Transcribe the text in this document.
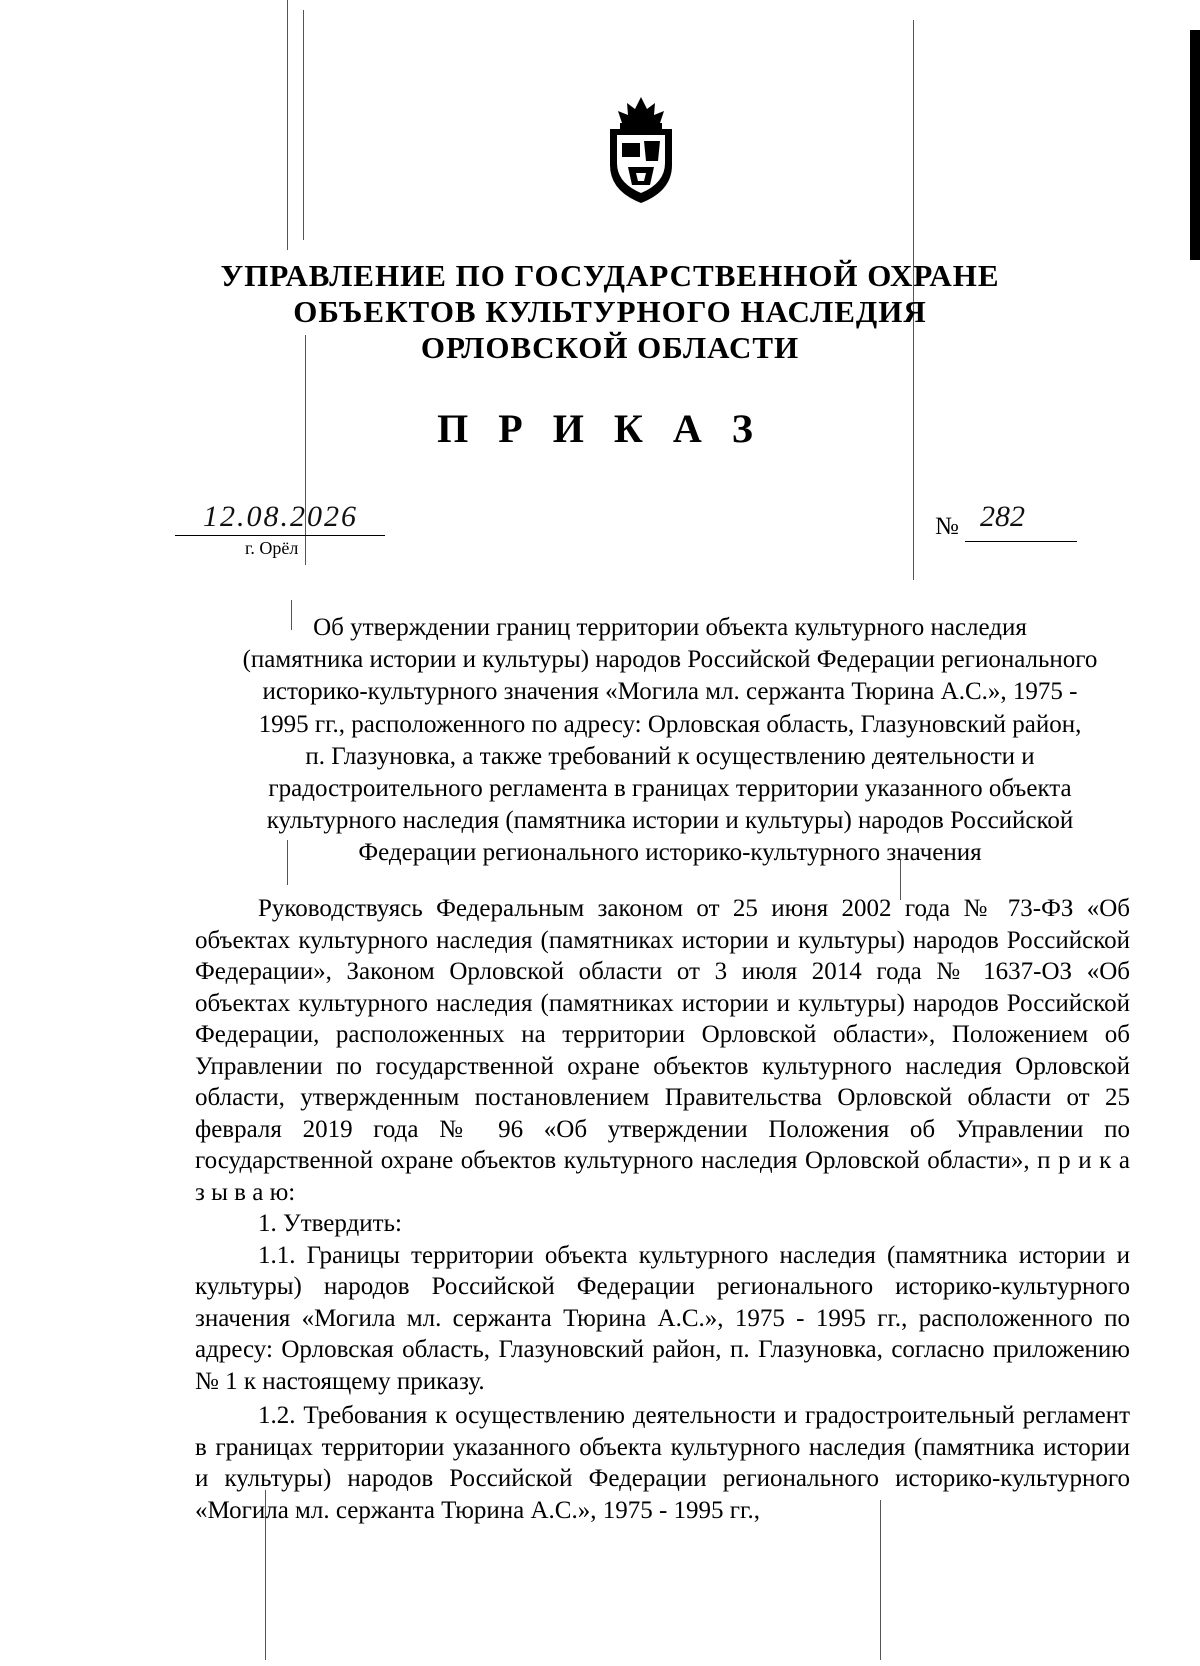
УПРАВЛЕНИЕ ПО ГОСУДАРСТВЕННОЙ ОХРАНЕ
ОБЪЕКТОВ КУЛЬТУРНОГО НАСЛЕДИЯ
ОРЛОВСКОЙ ОБЛАСТИ
П Р И К А З
12.08.2026
г. Орёл
№ 282
Об утверждении границ территории объекта культурного наследия
(памятника истории и культуры) народов Российской Федерации регионального
историко-культурного значения «Могила мл. сержанта Тюрина А.С.», 1975 -
1995 гг., расположенного по адресу: Орловская область, Глазуновский район,
п. Глазуновка, а также требований к осуществлению деятельности и
градостроительного регламента в границах территории указанного объекта
культурного наследия (памятника истории и культуры) народов Российской
Федерации регионального историко-культурного значения

Руководствуясь Федеральным законом от 25 июня 2002 года № 73-ФЗ «Об объектах культурного наследия (памятниках истории и культуры) народов Российской Федерации», Законом Орловской области от 3 июля 2014 года № 1637-ОЗ «Об объектах культурного наследия (памятниках истории и культуры) народов Российской Федерации, расположенных на территории Орловской области», Положением об Управлении по государственной охране объектов культурного наследия Орловской области, утвержденным постановлением Правительства Орловской области от 25 февраля 2019 года № 96 «Об утверждении Положения об Управлении по государственной охране объектов культурного наследия Орловской области», п р и к а з ы в а ю:

1. Утвердить:

1.1. Границы территории объекта культурного наследия (памятника истории и культуры) народов Российской Федерации регионального историко-культурного значения «Могила мл. сержанта Тюрина А.С.», 1975 - 1995 гг., расположенного по адресу: Орловская область, Глазуновский район, п. Глазуновка, согласно приложению № 1 к настоящему приказу.

1.2. Требования к осуществлению деятельности и градостроительный регламент в границах территории указанного объекта культурного наследия (памятника истории и культуры) народов Российской Федерации регионального историко-культурного «Могила мл. сержанта Тюрина А.С.», 1975 - 1995 гг.,
